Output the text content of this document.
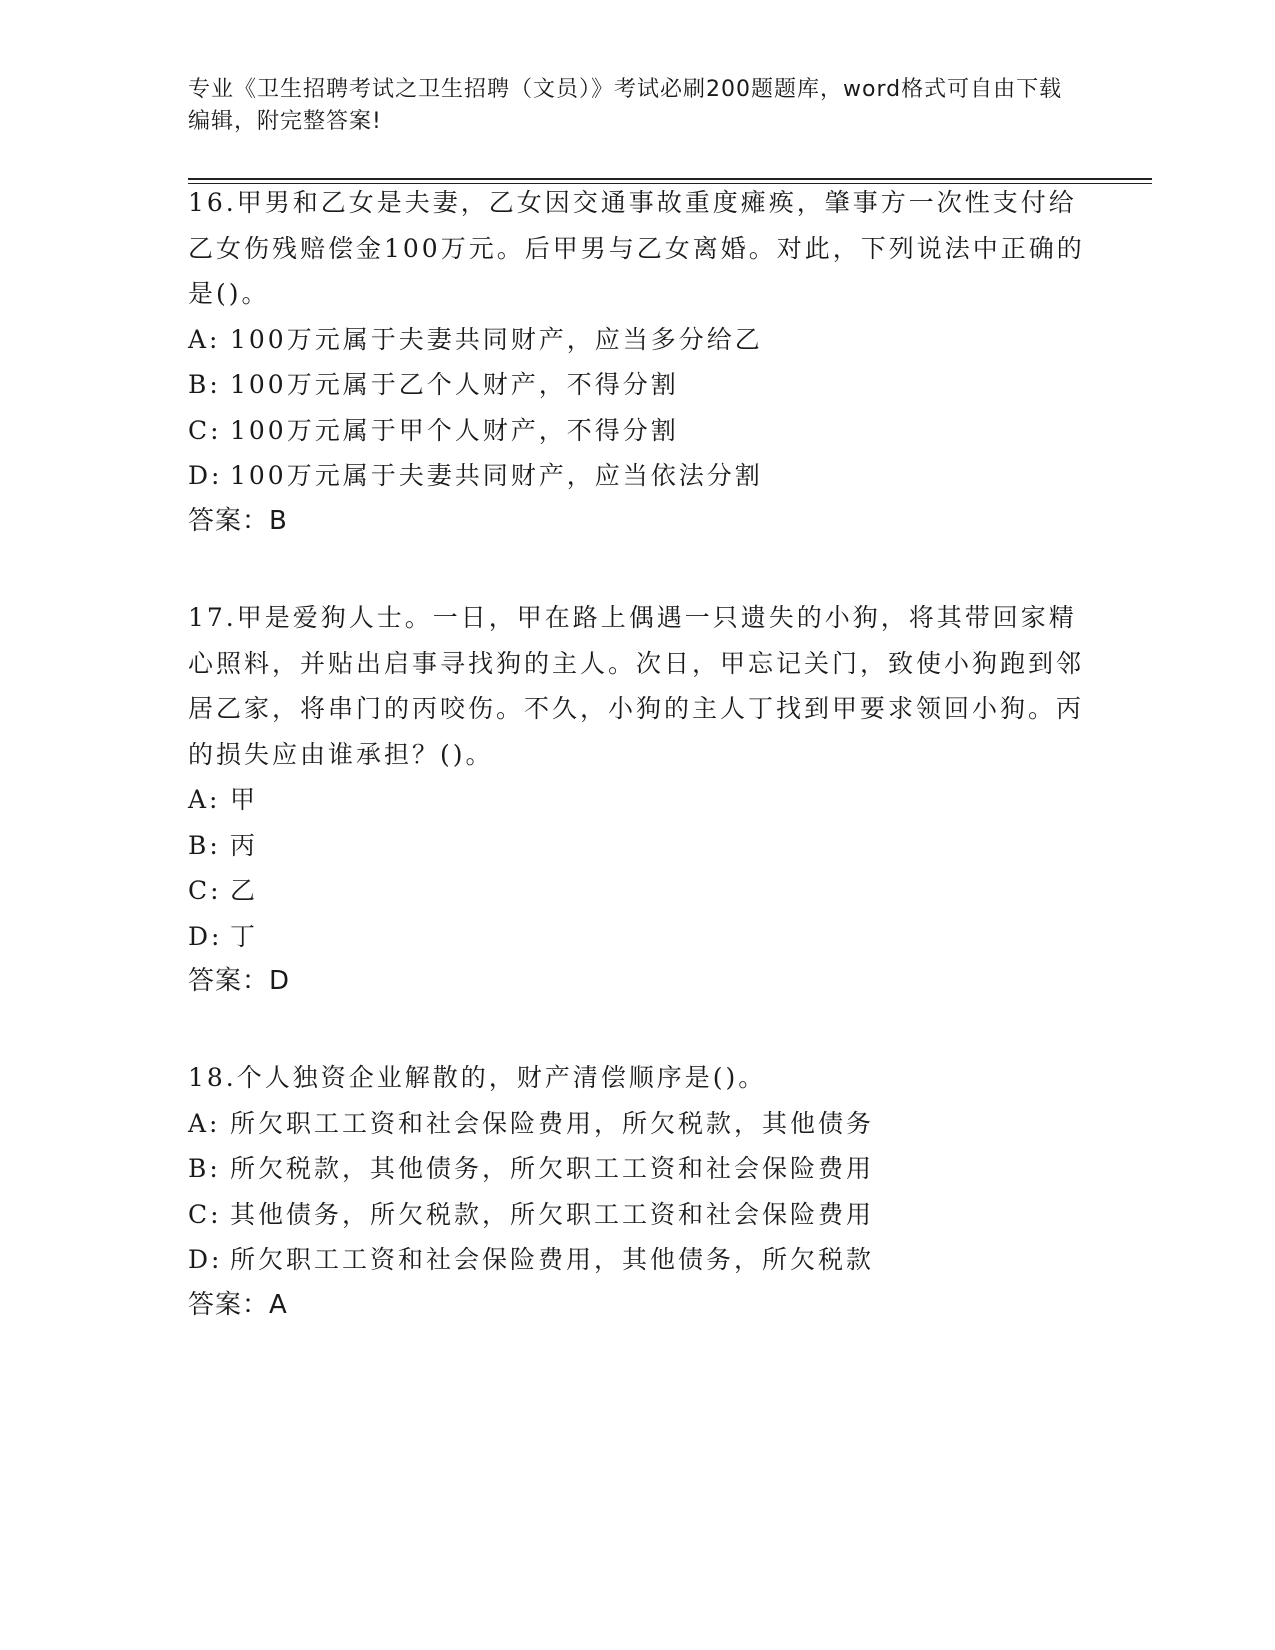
专业《卫生招聘考试之卫生招聘（文员）》考试必刷200题题库，word格式可自由下载编辑，附完整答案!

16.甲男和乙女是夫妻，乙女因交通事故重度瘫痪，肇事方一次性支付给乙女伤残赔偿金100万元。后甲男与乙女离婚。对此，下列说法中正确的是()。

A: 100万元属于夫妻共同财产，应当多分给乙

B: 100万元属于乙个人财产，不得分割

C: 100万元属于甲个人财产，不得分割

D: 100万元属于夫妻共同财产，应当依法分割

答案：B

17.甲是爱狗人士。一日，甲在路上偶遇一只遗失的小狗，将其带回家精心照料，并贴出启事寻找狗的主人。次日，甲忘记关门，致使小狗跑到邻居乙家，将串门的丙咬伤。不久，小狗的主人丁找到甲要求领回小狗。丙的损失应由谁承担？()。

A: 甲

B: 丙

C: 乙

D: 丁

答案：D

18.个人独资企业解散的，财产清偿顺序是()。

A: 所欠职工工资和社会保险费用，所欠税款，其他债务

B: 所欠税款，其他债务，所欠职工工资和社会保险费用

C: 其他债务，所欠税款，所欠职工工资和社会保险费用

D: 所欠职工工资和社会保险费用，其他债务，所欠税款

答案：A
